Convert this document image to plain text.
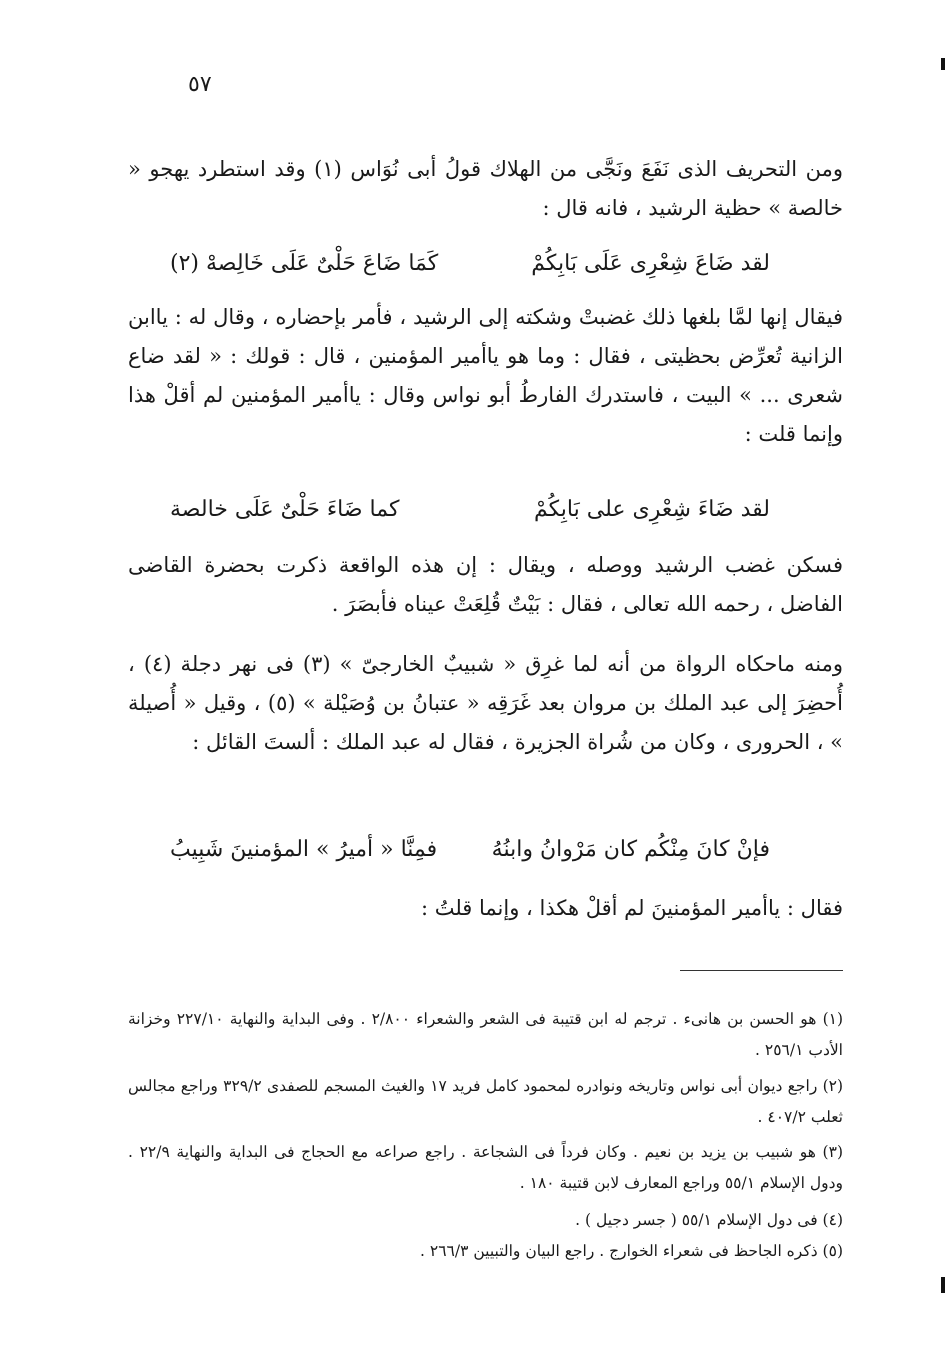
٥٧

ومن التحريف الذى نَفَعَ ونَجَّى من الهلاك قولُ أبى نُوَاس (١) وقد استطرد يهجو « خالصة » حظية الرشيد ، فانه قال :

لقد ضَاعَ شِعْرِى عَلَى بَابِكُمْ
كَمَا ضَاعَ حَلْىٌ عَلَى خَالِصهْ (٢)

فيقال إنها لمَّا بلغها ذلك غضبتْ وشكته إلى الرشيد ، فأمر بإحضاره ، وقال له : ياابن الزانية تُعرِّض بحظيتى ، فقال : وما هو ياأمير المؤمنين ، قال : قولك : « لقد ضاع شعرى ... » البيت ، فاستدرك الفارطُ أبو نواس وقال : ياأمير المؤمنين لم أقلْ هذا وإنما قلت :

لقد ضَاءَ شِعْرِى على بَابِكُمْ
كما ضَاءَ حَلْىٌ عَلَى خالصة

فسكن غضب الرشيد ووصله ، ويقال : إن هذه الواقعة ذكرت بحضرة القاضى الفاضل ، رحمه الله تعالى ، فقال : بَيْتٌ قُلِعَتْ عيناه فأبصَرَ .

ومنه ماحكاه الرواة من أنه لما غرِق « شبيبٌ الخارجىّ » (٣) فى نهر دجلة (٤) ، أُحضِرَ إلى عبد الملك بن مروان بعد غَرَقِه « عتبانُ بن وُصَيْلة » (٥) ، وقيل « أُصيلة » ، الحرورى ، وكان من شُراة الجزيرة ، فقال له عبد الملك : ألستَ القائل :

فإنْ كانَ مِنْكُم كان مَرْوانُ وابنُهُ
فمِنَّا « أميرُ » المؤمنينَ شَبِيبُ

فقال : ياأمير المؤمنينَ لم أقلْ هكذا ، وإنما قلتُ :

(١) هو الحسن بن هانىء . ترجم له ابن قتيبة فى الشعر والشعراء ٢/٨٠٠ . وفى البداية والنهاية ٢٢٧/١٠ وخزانة الأدب ٢٥٦/١ .

(٢) راجع ديوان أبى نواس وتاريخه ونوادره لمحمود كامل فريد ١٧ والغيث المسجم للصفدى ٣٢٩/٢ وراجع مجالس ثعلب ٤٠٧/٢ .

(٣) هو شبيب بن يزيد بن نعيم . وكان فرداً فى الشجاعة . راجع صراعه مع الحجاج فى البداية والنهاية ٢٢/٩ . ودول الإسلام ٥٥/١ وراجع المعارف لابن قتيبة ١٨٠ .

(٤) فى دول الإسلام ٥٥/١ ( جسر دجيل ) .

(٥) ذكره الجاحظ فى شعراء الخوارج . راجع البيان والتبيين ٢٦٦/٣ .
